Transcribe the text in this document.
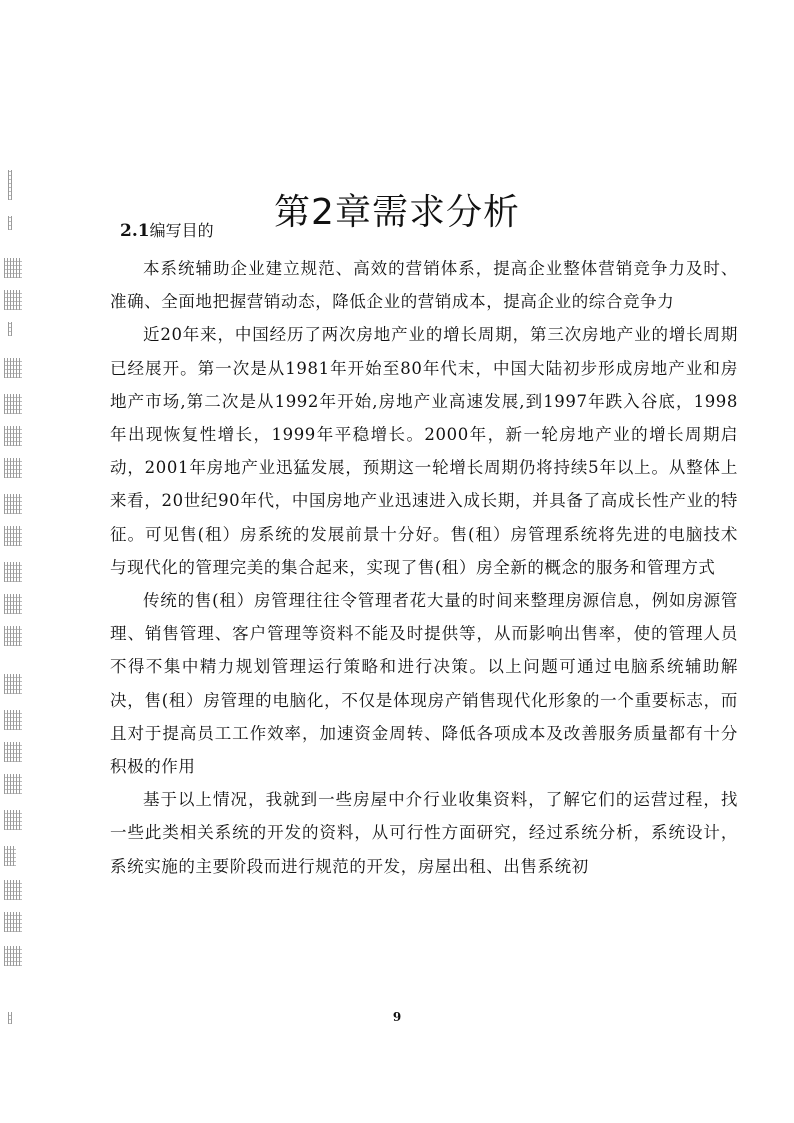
第2章需求分析
2.1编写目的

本系统辅助企业建立规范、高效的营销体系，提高企业整体营销竞争力及时、准确、全面地把握营销动态，降低企业的营销成本，提高企业的综合竞争力

近20年来，中国经历了两次房地产业的增长周期，第三次房地产业的增长周期已经展开。第一次是从1981年开始至80年代末，中国大陆初步形成房地产业和房地产市场,第二次是从1992年开始,房地产业高速发展,到1997年跌入谷底，1998年出现恢复性增长，1999年平稳增长。2000年，新一轮房地产业的增长周期启动，2001年房地产业迅猛发展，预期这一轮增长周期仍将持续5年以上。从整体上来看，20世纪90年代，中国房地产业迅速进入成长期，并具备了高成长性产业的特征。可见售(租）房系统的发展前景十分好。售(租）房管理系统将先进的电脑技术与现代化的管理完美的集合起来，实现了售(租）房全新的概念的服务和管理方式

传统的售(租）房管理往往令管理者花大量的时间来整理房源信息，例如房源管理、销售管理、客户管理等资料不能及时提供等，从而影响出售率，使的管理人员不得不集中精力规划管理运行策略和进行决策。以上问题可通过电脑系统辅助解决，售(租）房管理的电脑化，不仅是体现房产销售现代化形象的一个重要标志，而且对于提高员工工作效率，加速资金周转、降低各项成本及改善服务质量都有十分积极的作用

基于以上情况，我就到一些房屋中介行业收集资料，了解它们的运营过程，找一些此类相关系统的开发的资料，从可行性方面研究，经过系统分析，系统设计，系统实施的主要阶段而进行规范的开发，房屋出租、出售系统初

9
